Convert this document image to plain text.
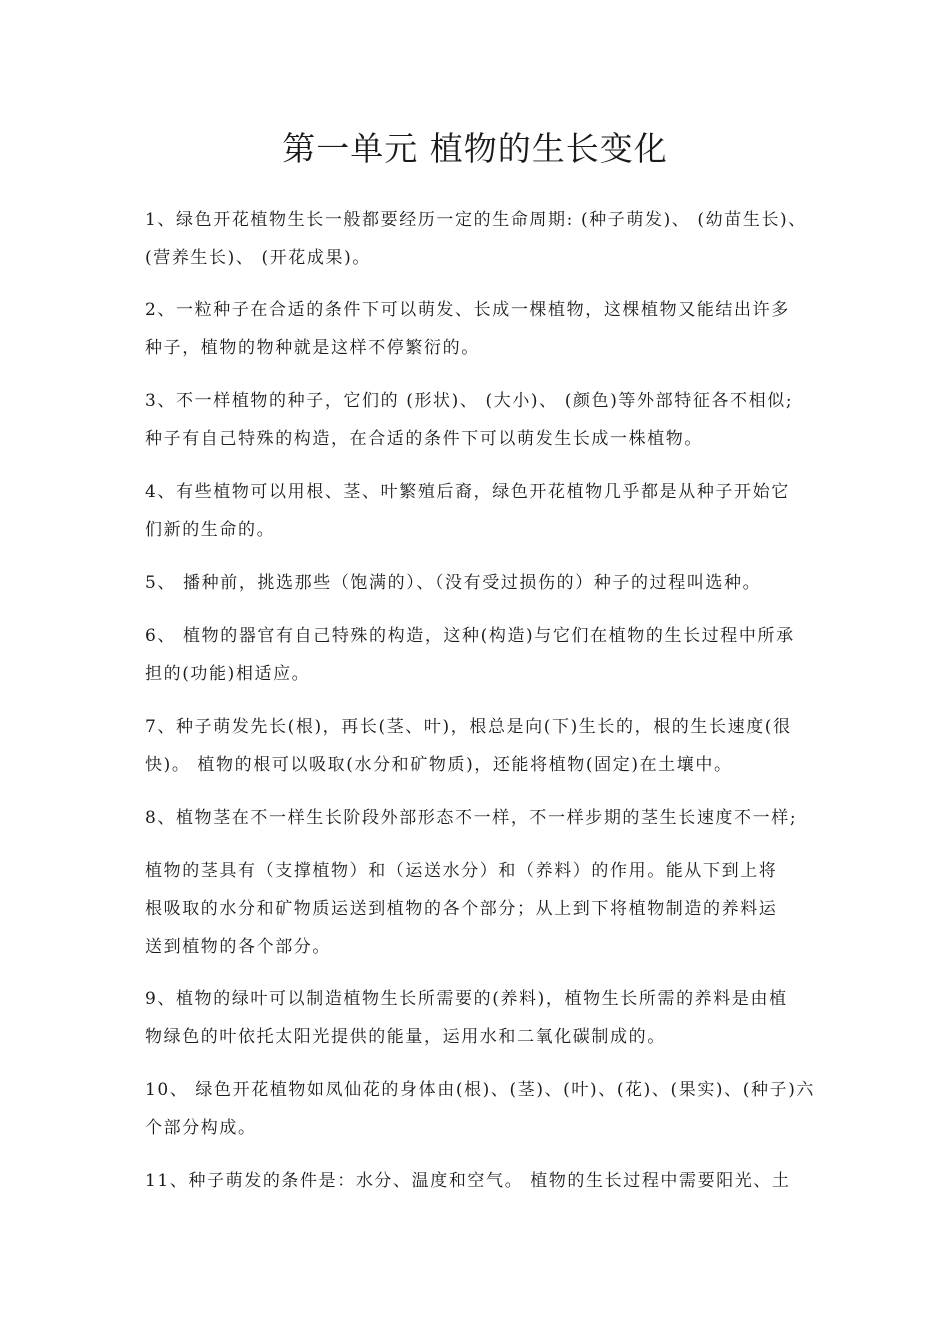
第一单元 植物的生长变化

1、绿色开花植物生长一般都要经历一定的生命周期: (种子萌发)、 (幼苗生长)、

(营养生长)、 (开花成果)。

2、一粒种子在合适的条件下可以萌发、长成一棵植物，这棵植物又能结出许多

种子，植物的物种就是这样不停繁衍的。

3、不一样植物的种子，它们的 (形状)、 (大小)、 (颜色)等外部特征各不相似;

种子有自己特殊的构造，在合适的条件下可以萌发生长成一株植物。

4、有些植物可以用根、茎、叶繁殖后裔，绿色开花植物几乎都是从种子开始它

们新的生命的。

5、 播种前，挑选那些（饱满的）、（没有受过损伤的）种子的过程叫选种。

6、 植物的器官有自己特殊的构造，这种(构造)与它们在植物的生长过程中所承

担的(功能)相适应。

7、种子萌发先长(根)，再长(茎、叶)，根总是向(下)生长的，根的生长速度(很

快)。 植物的根可以吸取(水分和矿物质)，还能将植物(固定)在土壤中。

8、植物茎在不一样生长阶段外部形态不一样，不一样步期的茎生长速度不一样;

植物的茎具有（支撑植物）和（运送水分）和（养料）的作用。能从下到上将

根吸取的水分和矿物质运送到植物的各个部分；从上到下将植物制造的养料运

送到植物的各个部分。

9、植物的绿叶可以制造植物生长所需要的(养料)，植物生长所需的养料是由植

物绿色的叶依托太阳光提供的能量，运用水和二氧化碳制成的。

10、 绿色开花植物如凤仙花的身体由(根)、(茎)、(叶)、(花)、(果实)、(种子)六

个部分构成。

11、种子萌发的条件是：水分、温度和空气。 植物的生长过程中需要阳光、土
